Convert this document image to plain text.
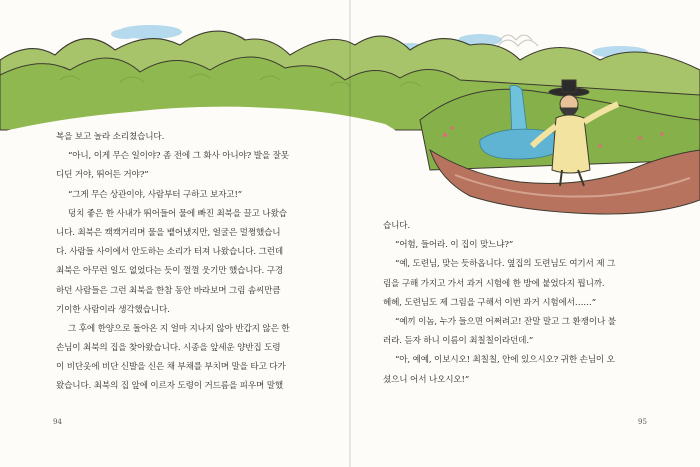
복을 보고 놀라 소리쳤습니다.

“아니, 이게 무슨 일이야? 좀 전에 그 화사 아니야? 발을 잘못

디딘 거야, 뛰어든 거야?”

“그게 무슨 상관이야, 사람부터 구하고 보자고!”

덩치 좋은 한 사내가 뛰어들어 물에 빠진 최북을 끌고 나왔습

니다. 최북은 캑캑거리며 물을 뱉어냈지만, 얼굴은 멀쩡했습니

다. 사람들 사이에서 안도하는 소리가 터져 나왔습니다. 그런데

최북은 아무런 일도 없었다는 듯이 껄껄 웃기만 했습니다. 구경

하던 사람들은 그런 최북을 한참 동안 바라보며 그림 솜씨만큼

기이한 사람이라 생각했습니다.

그 후에 한양으로 돌아온 지 얼마 지나지 않아 반갑지 않은 한

손님이 최북의 집을 찾아왔습니다. 시종을 앞세운 양반집 도령

이 비단옷에 비단 신발을 신은 채 부채를 부치며 말을 타고 다가

왔습니다. 최북의 집 앞에 이르자 도령이 거드름을 피우며 말했

습니다.

“어험, 들어라. 이 집이 맞느냐?”

“예, 도련님, 맞는 듯하옵니다. 옆집의 도련님도 여기서 제 그

림을 구해 가지고 가서 과거 시험에 한 방에 붙었다지 뭡니까.

헤헤, 도련님도 제 그림을 구해서 이번 과거 시험에서……”

“예끼 이놈, 누가 들으면 어쩌려고! 잔말 말고 그 환쟁이나 불

러라. 듣자 하니 이름이 최칠칠이라던데.”

“아, 예예, 이보시오! 최칠칠, 안에 있으시오? 귀한 손님이 오

셨으니 어서 나오시오!”

94	95
